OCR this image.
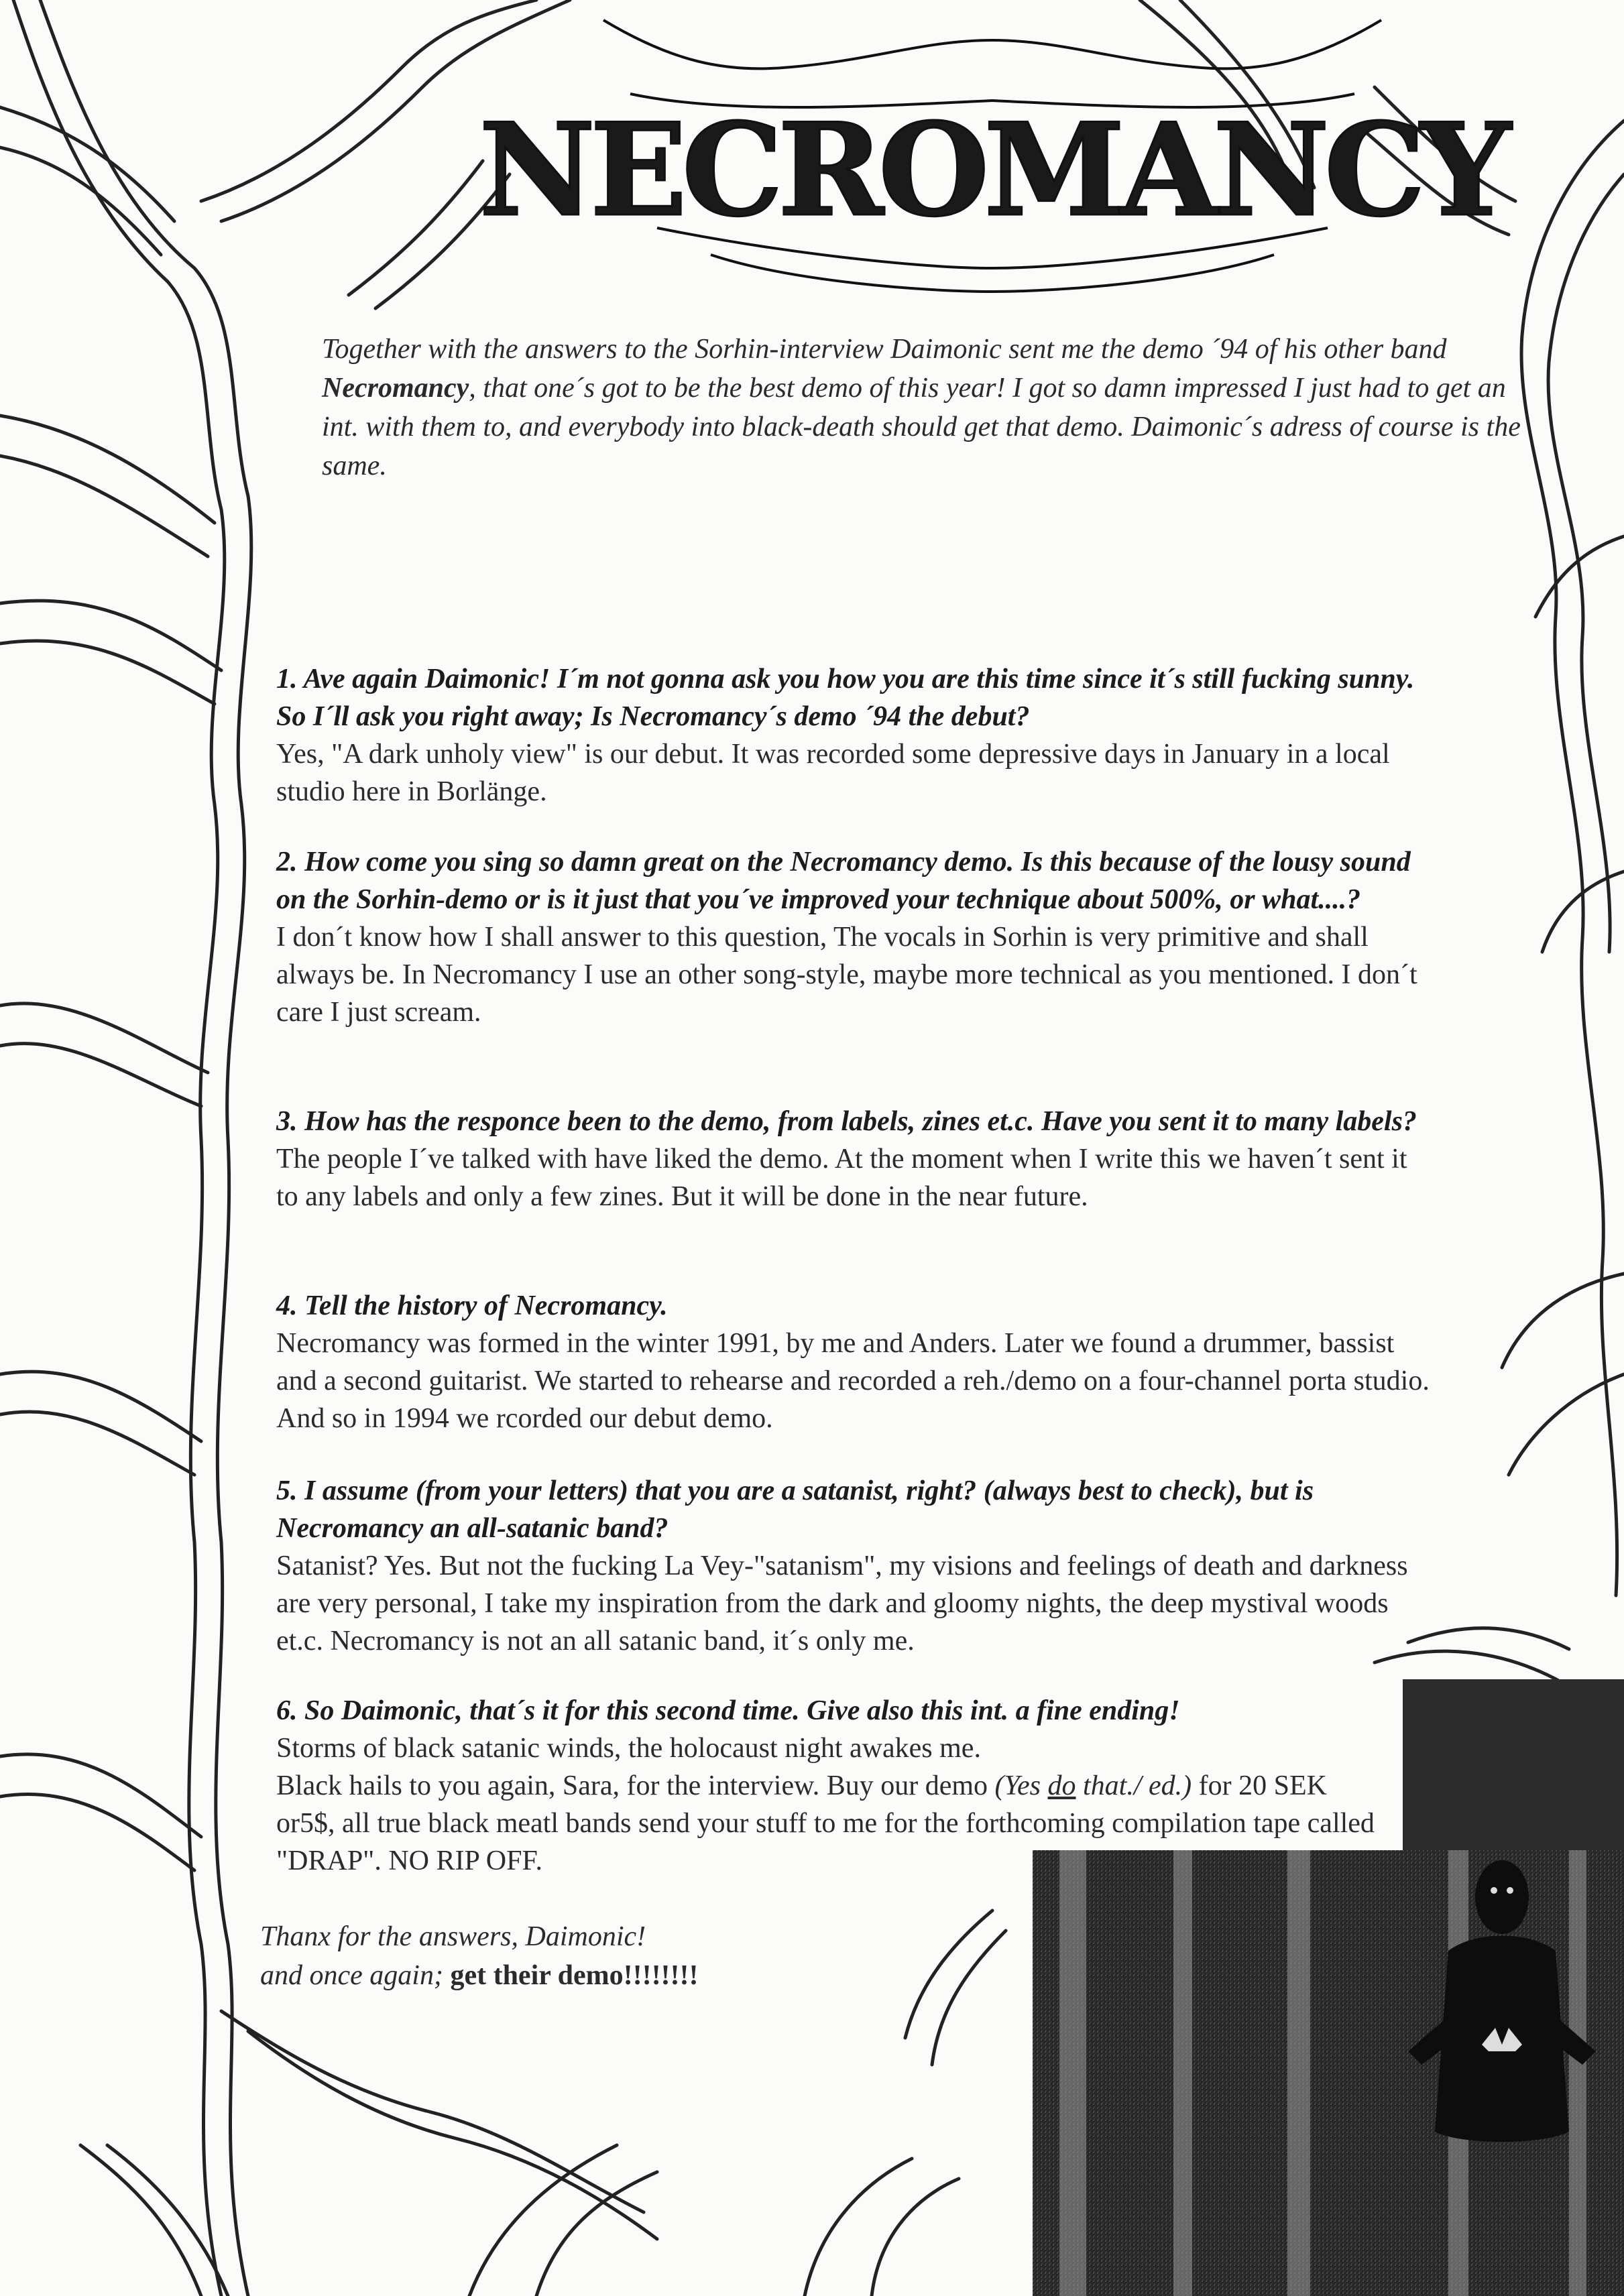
NECROMANCY
Together with the answers to the Sorhin-interview Daimonic sent me the demo ´94 of his other band Necromancy, that one´s got to be the best demo of this year! I got so damn impressed I just had to get an int. with them to, and everybody into black-death should get that demo. Daimonic´s adress of course is the same.
1. Ave again Daimonic! I´m not gonna ask you how you are this time since it´s still fucking sunny. So I´ll ask you right away; Is Necromancy´s demo ´94 the debut?
Yes, "A dark unholy view" is our debut. It was recorded some depressive days in January in a local studio here in Borlänge.
2. How come you sing so damn great on the Necromancy demo. Is this because of the lousy sound on the Sorhin-demo or is it just that you´ve improved your technique about 500%, or what....?
I don´t know how I shall answer to this question, The vocals in Sorhin is very primitive and shall always be. In Necromancy I use an other song-style, maybe more technical as you mentioned. I don´t care I just scream.
3. How has the responce been to the demo, from labels, zines et.c. Have you sent it to many labels?
The people I´ve talked with have liked the demo. At the moment when I write this we haven´t sent it to any labels and only a few zines. But it will be done in the near future.
4. Tell the history of Necromancy.
Necromancy was formed in the winter 1991, by me and Anders. Later we found a drummer, bassist and a second guitarist. We started to rehearse and recorded a reh./demo on a four-channel porta studio. And so in 1994 we rcorded our debut demo.
5. I assume (from your letters) that you are a satanist, right? (always best to check), but is Necromancy an all-satanic band?
Satanist? Yes. But not the fucking La Vey-"satanism", my visions and feelings of death and darkness are very personal, I take my inspiration from the dark and gloomy nights, the deep mystival woods et.c. Necromancy is not an all satanic band, it´s only me.
6. So Daimonic, that´s it for this second time. Give also this int. a fine ending!
Storms of black satanic winds, the holocaust night awakes me.
Black hails to you again, Sara, for the interview. Buy our demo (Yes do that./ ed.) for 20 SEK or5$, all true black meatl bands send your stuff to me for the forthcoming compilation tape called "DRAP". NO RIP OFF.
Thanx for the answers, Daimonic!
and once again; get their demo!!!!!!!!
